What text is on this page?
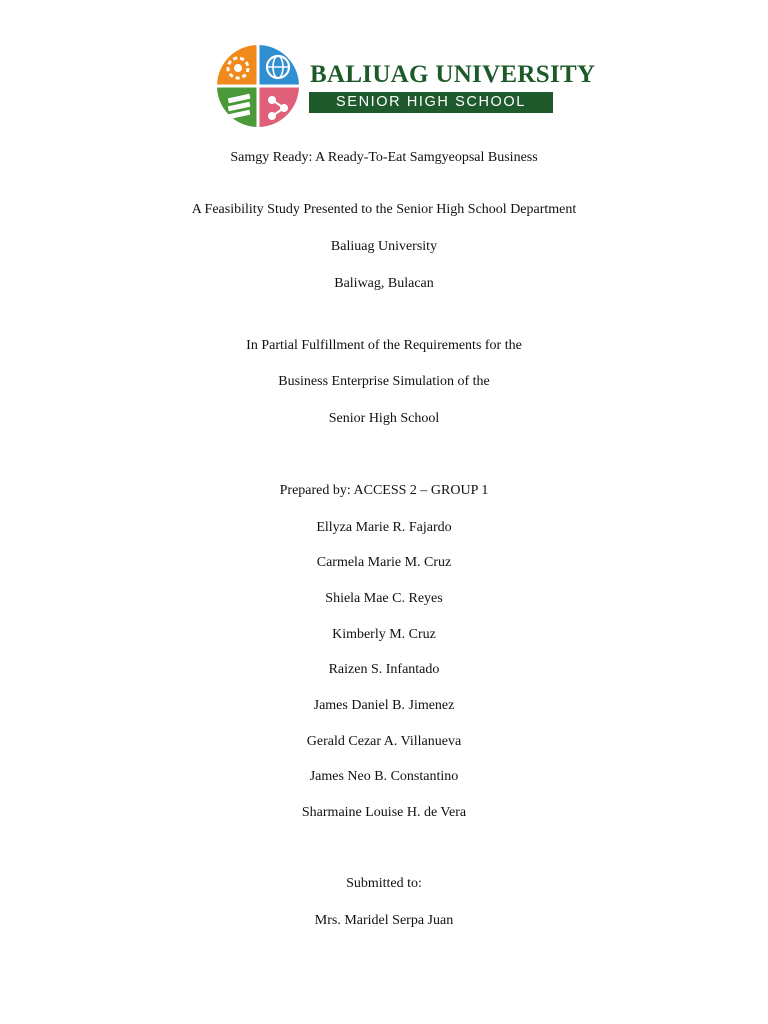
BALIUAG UNIVERSITY
SENIOR HIGH SCHOOL
Samgy Ready: A Ready-To-Eat Samgyeopsal Business
A Feasibility Study Presented to the Senior High School Department
Baliuag University
Baliwag, Bulacan
In Partial Fulfillment of the Requirements for the
Business Enterprise Simulation of the
Senior High School
Prepared by: ACCESS 2 – GROUP 1
Ellyza Marie R. Fajardo
Carmela Marie M. Cruz
Shiela Mae C. Reyes
Kimberly M. Cruz
Raizen S. Infantado
James Daniel B. Jimenez
Gerald Cezar A. Villanueva
James Neo B. Constantino
Sharmaine Louise H. de Vera
Submitted to:
Mrs. Maridel Serpa Juan
